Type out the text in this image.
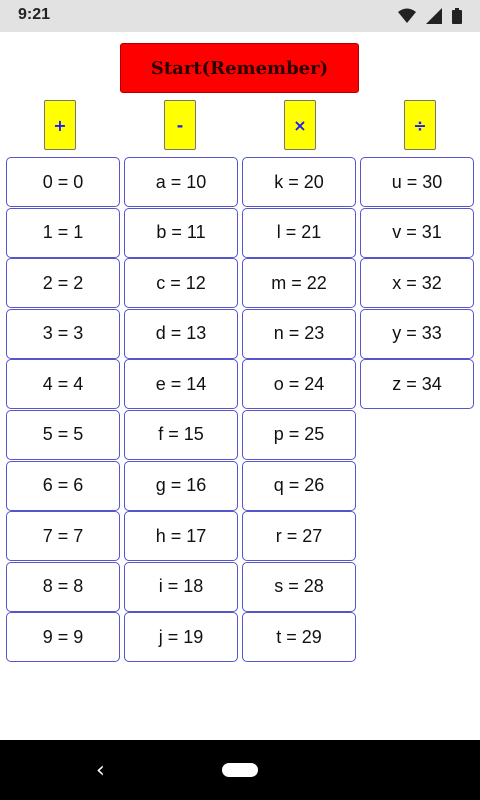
9:21
Start(Remember)
+	-	×	÷
0 = 0
1 = 1
2 = 2
3 = 3
4 = 4
5 = 5
6 = 6
7 = 7
8 = 8
9 = 9
a = 10
b = 11
c = 12
d = 13
e = 14
f = 15
g = 16
h = 17
i = 18
j = 19
k = 20
l = 21
m = 22
n = 23
o = 24
p = 25
q = 26
r = 27
s = 28
t = 29
u = 30
v = 31
x = 32
y = 33
z = 34
‹
